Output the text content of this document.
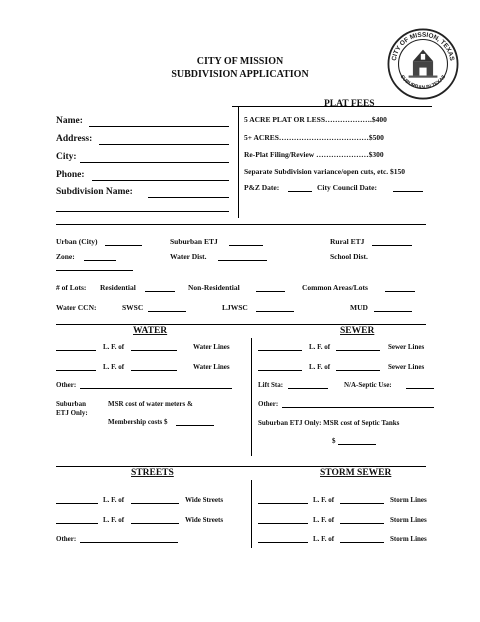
CITY OF MISSION, TEXAS
SUBURBAN IN TEXAS
CITY OF MISSION
SUBDIVISION APPLICATION
Name:
Address:
City:
Phone:
Subdivision Name:
PLAT FEES
5 ACRE PLAT OR LESS……………….$400
5+ ACRES………………………………$500
Re-Plat Filing/Review …………………$300
Separate Subdivision variance/open cuts, etc. $150
P&Z Date:	City Council Date:
Urban (City)	Suburban ETJ	Rural ETJ
Zone:	Water Dist.	School Dist.
# of Lots: Residential	Non-Residential	Common Areas/Lots
Water CCN:	SWSC	LJWSC	MUD
WATER	SEWER
L. F. of	Water Lines
L. F. of	Water Lines
Other:
Suburban
ETJ Only:
MSR cost of water meters &
Membership costs $
L. F. of	Sewer Lines
L. F. of	Sewer Lines
Lift Sta:	N/A-Septic Use:
Other:
Suburban ETJ Only: MSR cost of Septic Tanks
$
STREETS	STORM SEWER
L. F. of	Wide Streets
L. F. of	Wide Streets
Other:
L. F. of	Storm Lines
L. F. of	Storm Lines
L. F. of	Storm Lines
